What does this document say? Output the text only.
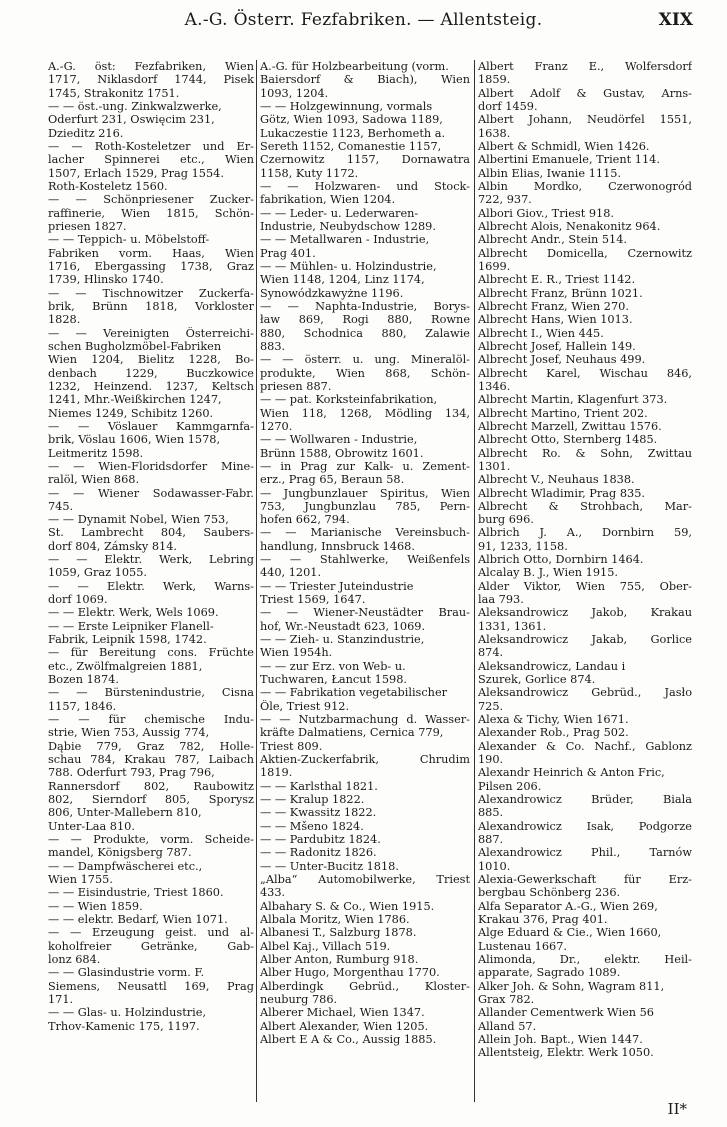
A.-G. Österr. Fezfabriken. — Allentsteig.	XIX
A.-G. öst: Fezfabriken, Wien
1717, Niklasdorf 1744, Pisek
1745, Strakonitz 1751.
— — öst.-ung. Zinkwalzwerke,
Oderfurt 231, Oswięcim 231,
Dzieditz 216.
— — Roth-Kosteletzer und Er-
lacher Spinnerei etc., Wien
1507, Erlach 1529, Prag 1554.
Roth-Kosteletz 1560.
— — Schönpriesener Zucker-
raffinerie, Wien 1815, Schön-
priesen 1827.
— — Teppich- u. Möbelstoff-
Fabriken vorm. Haas, Wien
1716, Ebergassing 1738, Graz
1739, Hlinsko 1740.
— — Tischnowitzer Zuckerfa-
brik, Brünn 1818, Vorkloster
1828.
— — Vereinigten Österreichi-
schen Bugholzmöbel-Fabriken
Wien 1204, Bielitz 1228, Bo-
denbach 1229, Buczkowice
1232, Heinzend. 1237, Keltsch
1241, Mhr.-Weißkirchen 1247,
Niemes 1249, Schibitz 1260.
— — Vöslauer Kammgarnfa-
brik, Vöslau 1606, Wien 1578,
Leitmeritz 1598.
— — Wien-Floridsdorfer Mine-
ralöl, Wien 868.
— — Wiener Sodawasser-Fabr.
745.
— — Dynamit Nobel, Wien 753,
St. Lambrecht 804, Saubers-
dorf 804, Zámsky 814.
— — Elektr. Werk, Lebring
1059, Graz 1055.
— — Elektr. Werk, Warns-
dorf 1069.
— — Elektr. Werk, Wels 1069.
— — Erste Leipniker Flanell-
Fabrik, Leipnik 1598, 1742.
— für Bereitung cons. Früchte
etc., Zwölfmalgreien 1881,
Bozen 1874.
— — Bürstenindustrie, Cisna
1157, 1846.
— — für chemische Indu-
strie, Wien 753, Aussig 774,
Dąbie 779, Graz 782, Holle-
schau 784, Krakau 787, Laibach
788. Oderfurt 793, Prag 796,
Rannersdorf 802, Raubowitz
802, Sierndorf 805, Sporysz
806, Unter-Mallebern 810,
Unter-Laa 810.
— — Produkte, vorm. Scheide-
mandel, Königsberg 787.
— — Dampfwäscherei etc.,
Wien 1755.
— — Eisindustrie, Triest 1860.
— — Wien 1859.
— — elektr. Bedarf, Wien 1071.
— — Erzeugung geist. und al-
koholfreier Getränke, Gab-
lonz 684.
— — Glasindustrie vorm. F.
Siemens, Neusattl 169, Prag
171.
— — Glas- u. Holzindustrie,
Trhov-Kamenic 175, 1197.
A.-G. für Holzbearbeitung (vorm.
Baiersdorf & Biach), Wien
1093, 1204.
— — Holzgewinnung, vormals
Götz, Wien 1093, Sadowa 1189,
Lukaczestie 1123, Berhometh a.
Sereth 1152, Comanestie 1157,
Czernowitz 1157, Dornawatra
1158, Kuty 1172.
— — Holzwaren- und Stock-
fabrikation, Wien 1204.
— — Leder- u. Lederwaren-
Industrie, Neubydschow 1289.
— — Metallwaren - Industrie,
Prag 401.
— — Mühlen- u. Holzindustrie,
Wien 1148, 1204, Linz 1174,
Synowódzkawyżne 1196.
— — Naphta-Industrie, Borys-
ław 869, Rogi 880, Rowne
880, Schodnica 880, Zalawie
883.
— — österr. u. ung. Mineralöl-
produkte, Wien 868, Schön-
priesen 887.
— — pat. Korksteinfabrikation,
Wien 118, 1268, Mödling 134,
1270.
— — Wollwaren - Industrie,
Brünn 1588, Obrowitz 1601.
— in Prag zur Kalk- u. Zement-
erz., Prag 65, Beraun 58.
— Jungbunzlauer Spiritus, Wien
753, Jungbunzlau 785, Pern-
hofen 662, 794.
— — Marianische Vereinsbuch-
handlung, Innsbruck 1468.
— — Stahlwerke, Weißenfels
440, 1201.
— — Triester Juteindustrie
Triest 1569, 1647.
— — Wiener-Neustädter Brau-
hof, Wr.-Neustadt 623, 1069.
— — Zieh- u. Stanzindustrie,
Wien 1954h.
— — zur Erz. von Web- u.
Tuchwaren, Łancut 1598.
— — Fabrikation vegetabilischer
Öle, Triest 912.
— — Nutzbarmachung d. Wasser-
kräfte Dalmatiens, Cernica 779,
Triest 809.
Aktien-Zuckerfabrik, Chrudim
1819.
— — Karlsthal 1821.
— — Kralup 1822.
— — Kwassitz 1822.
— — Mšeno 1824.
— — Pardubitz 1824.
— — Radonitz 1826.
— — Unter-Bucitz 1818.
„Alba“ Automobilwerke, Triest
433.
Albahary S. & Co., Wien 1915.
Albala Moritz, Wien 1786.
Albanesi T., Salzburg 1878.
Albel Kaj., Villach 519.
Alber Anton, Rumburg 918.
Alber Hugo, Morgenthau 1770.
Alberdingk Gebrüd., Kloster-
neuburg 786.
Alberer Michael, Wien 1347.
Albert Alexander, Wien 1205.
Albert E A & Co., Aussig 1885.
Albert Franz E., Wolfersdorf
1859.
Albert Adolf & Gustav, Arns-
dorf 1459.
Albert Johann, Neudörfel 1551,
1638.
Albert & Schmidl, Wien 1426.
Albertini Emanuele, Trient 114.
Albin Elias, Iwanie 1115.
Albin Mordko, Czerwonogród
722, 937.
Albori Giov., Triest 918.
Albrecht Alois, Nenakonitz 964.
Albrecht Andr., Stein 514.
Albrecht Domicella, Czernowitz
1699.
Albrecht E. R., Triest 1142.
Albrecht Franz, Brünn 1021.
Albrecht Franz, Wien 270.
Albrecht Hans, Wien 1013.
Albrecht I., Wien 445.
Albrecht Josef, Hallein 149.
Albrecht Josef, Neuhaus 499.
Albrecht Karel, Wischau 846,
1346.
Albrecht Martin, Klagenfurt 373.
Albrecht Martino, Trient 202.
Albrecht Marzell, Zwittau 1576.
Albrecht Otto, Sternberg 1485.
Albrecht Ro. & Sohn, Zwittau
1301.
Albrecht V., Neuhaus 1838.
Albrecht Wladimir, Prag 835.
Albrecht & Strohbach, Mar-
burg 696.
Albrich J. A., Dornbirn 59,
91, 1233, 1158.
Albrich Otto, Dornbirn 1464.
Alcalay B. J., Wien 1915.
Alder Viktor, Wien 755, Ober-
laa 793.
Aleksandrowicz Jakob, Krakau
1331, 1361.
Aleksandrowicz Jakab, Gorlice
874.
Aleksandrowicz, Landau i
Szurek, Gorlice 874.
Aleksandrowicz Gebrüd., Jasło
725.
Alexa & Tichy, Wien 1671.
Alexander Rob., Prag 502.
Alexander & Co. Nachf., Gablonz
190.
Alexandr Heinrich & Anton Fric,
Pilsen 206.
Alexandrowicz Brüder, Biala
885.
Alexandrowicz Isak, Podgorze
887.
Alexandrowicz Phil., Tarnów
1010.
Alexia-Gewerkschaft für Erz-
bergbau Schönberg 236.
Alfa Separator A.-G., Wien 269,
Krakau 376, Prag 401.
Alge Eduard & Cie., Wien 1660,
Lustenau 1667.
Alimonda, Dr., elektr. Heil-
apparate, Sagrado 1089.
Alker Joh. & Sohn, Wagram 811,
Grax 782.
Allander Cementwerk Wien 56
Alland 57.
Allein Joh. Bapt., Wien 1447.
Allentsteig, Elektr. Werk 1050.
II*
